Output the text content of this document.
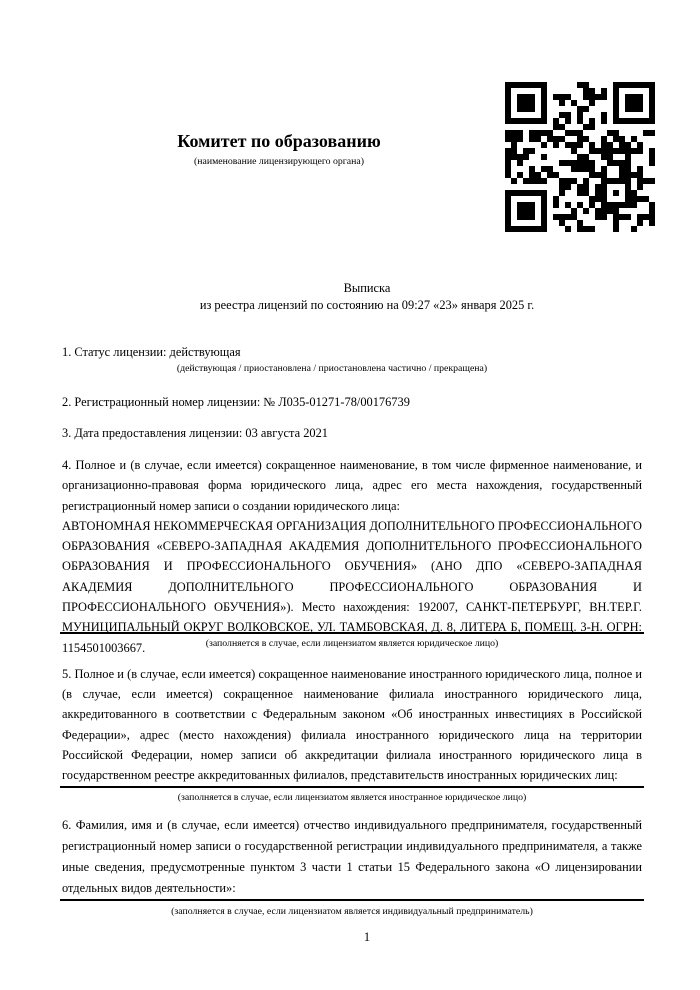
Комитет по образованию
(наименование лицензирующего органа)
Выписка
из реестра лицензий по состоянию на 09:27 «23» января 2025 г.
1. Статус лицензии: действующая
(действующая / приостановлена / приостановлена частично / прекращена)
2. Регистрационный номер лицензии: № Л035-01271-78/00176739
3. Дата предоставления лицензии: 03 августа 2021

4. Полное и (в случае, если имеется) сокращенное наименование, в том числе фирменное наименование, и организационно-правовая форма юридического лица, адрес его места нахождения, государственный регистрационный номер записи о создании юридического лица:

АВТОНОМНАЯ НЕКОММЕРЧЕСКАЯ ОРГАНИЗАЦИЯ ДОПОЛНИТЕЛЬНОГО ПРОФЕССИОНАЛЬНОГО ОБРАЗОВАНИЯ «СЕВЕРО-ЗАПАДНАЯ АКАДЕМИЯ ДОПОЛНИТЕЛЬНОГО ПРОФЕССИОНАЛЬНОГО ОБРАЗОВАНИЯ И ПРОФЕССИОНАЛЬНОГО ОБУЧЕНИЯ» (АНО ДПО «СЕВЕРО-ЗАПАДНАЯ АКАДЕМИЯ ДОПОЛНИТЕЛЬНОГО ПРОФЕССИОНАЛЬНОГО ОБРАЗОВАНИЯ И ПРОФЕССИОНАЛЬНОГО ОБУЧЕНИЯ»). Место нахождения: 192007, САНКТ-ПЕТЕРБУРГ, ВН.ТЕР.Г. МУНИЦИПАЛЬНЫЙ ОКРУГ ВОЛКОВСКОЕ, УЛ. ТАМБОВСКАЯ, Д. 8, ЛИТЕРА Б, ПОМЕЩ. 3-Н. ОГРН: 1154501003667.	(заполняется в случае, если лицензиатом является юридическое лицо)

5. Полное и (в случае, если имеется) сокращенное наименование иностранного юридического лица, полное и (в случае, если имеется) сокращенное наименование филиала иностранного юридического лица, аккредитованного в соответствии с Федеральным законом «Об иностранных инвестициях в Российской Федерации», адрес (место нахождения) филиала иностранного юридического лица на территории Российской Федерации, номер записи об аккредитации филиала иностранного юридического лица в государственном реестре аккредитованных филиалов, представительств иностранных юридических лиц:

(заполняется в случае, если лицензиатом является иностранное юридическое лицо)

6. Фамилия, имя и (в случае, если имеется) отчество индивидуального предпринимателя, государственный регистрационный номер записи о государственной регистрации индивидуального предпринимателя, а также иные сведения, предусмотренные пунктом 3 части 1 статьи 15 Федерального закона «О лицензировании отдельных видов деятельности»:

(заполняется в случае, если лицензиатом является индивидуальный предприниматель)
1
